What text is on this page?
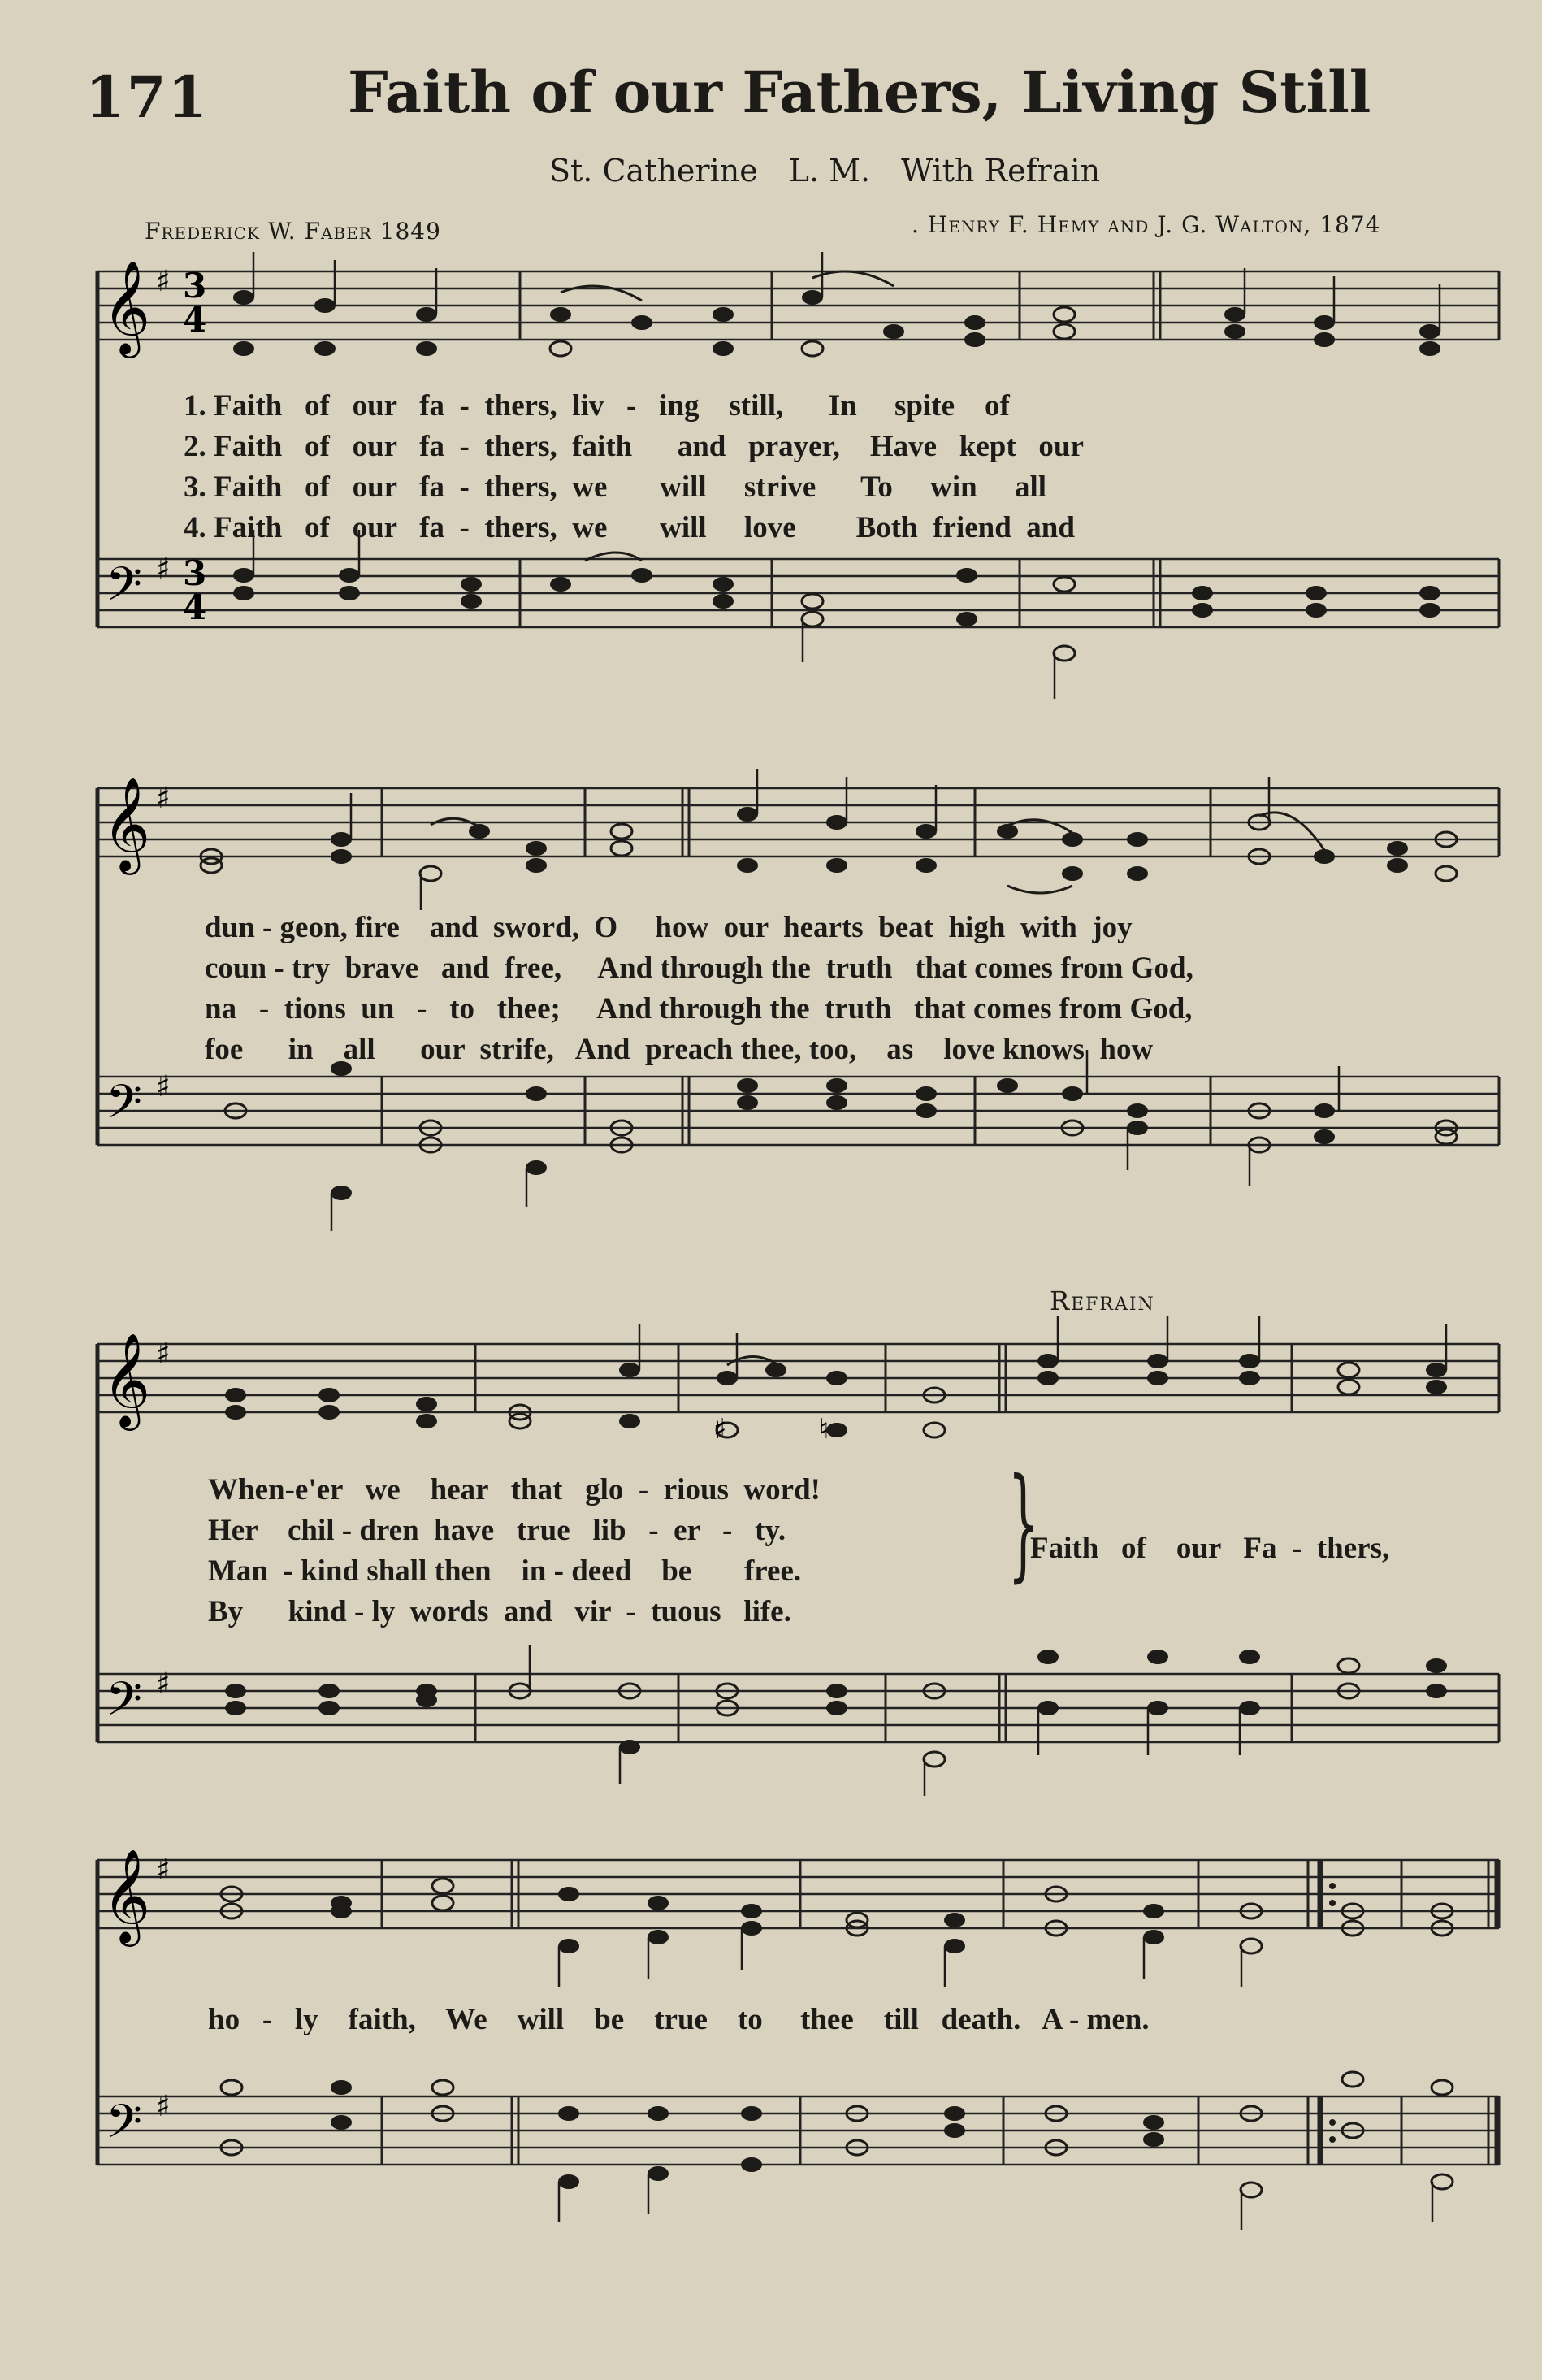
171 Faith of our Fathers, Living Still
St. Catherine L. M. With Refrain
Frederick W. Faber 1849	. Henry F. Hemy and J. G. Walton, 1874
𝄞
𝄢
♯
♯
3
4
3
4
1. Faith   of   our   fa  -  thers,  liv   -   ing    still,      In     spite    of
2. Faith   of   our   fa  -  thers,  faith      and   prayer,    Have   kept   our
3. Faith   of   our   fa  -  thers,  we       will     strive      To     win     all
4. Faith   of   our   fa  -  thers,  we       will     love        Both  friend  and
𝄞
𝄢
♯
♯
dun - geon, fire    and  sword,  O     how  our  hearts  beat  high  with  joy
coun - try  brave   and  free,     And through the  truth   that comes from God,
na   -  tions  un   -   to   thee;     And through the  truth   that comes from God,
foe      in    all      our  strife,   And  preach thee, too,    as    love knows  how
Refrain
𝄞
𝄢
♯
♯
♯	♮
When-e'er   we    hear   that   glo  -  rious  word!
Her    chil - dren  have   true   lib   -  er   -   ty.
Man  - kind shall then    in - deed    be       free.
By      kind - ly  words  and   vir  -  tuous   life.
}
Faith   of    our   Fa  -  thers,
𝄞
𝄢
♯
♯
ho   -   ly    faith,    We    will    be    true    to     thee    till   death.   A - men.
